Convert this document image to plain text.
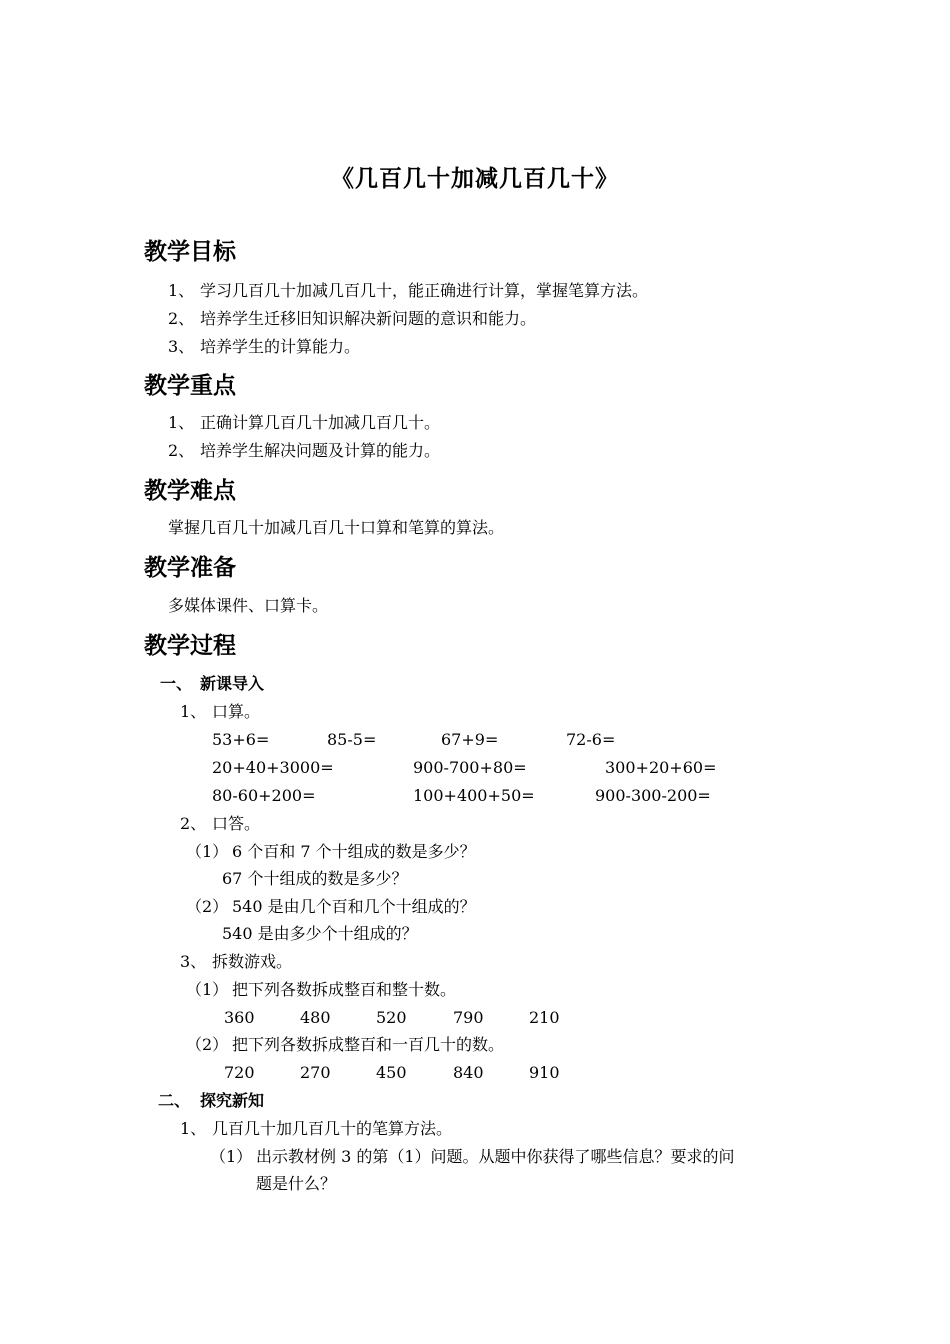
《几百几十加减几百几十》
教学目标
1、 学习几百几十加减几百几十，能正确进行计算，掌握笔算方法。
2、 培养学生迁移旧知识解决新问题的意识和能力。
3、 培养学生的计算能力。
教学重点
1、 正确计算几百几十加减几百几十。
2、 培养学生解决问题及计算的能力。
教学难点
掌握几百几十加减几百几十口算和笔算的算法。
教学准备
多媒体课件、口算卡。
教学过程
一、 新课导入
1、 口算。
53+6=	85-5=	67+9=	72-6=
20+40+3000=	900-700+80=	300+20+60=
80-60+200=	100+400+50=	900-300-200=
2、 口答。
（1） 6 个百和 7 个十组成的数是多少？
67 个十组成的数是多少？
（2） 540 是由几个百和几个十组成的？
540 是由多少个十组成的？
3、 拆数游戏。
（1） 把下列各数拆成整百和整十数。
360	480	520	790	210
（2） 把下列各数拆成整百和一百几十的数。
720	270	450	840	910
二、 探究新知
1、 几百几十加几百几十的笔算方法。
（1） 出示教材例 3 的第（1）问题。从题中你获得了哪些信息？要求的问
题是什么？
